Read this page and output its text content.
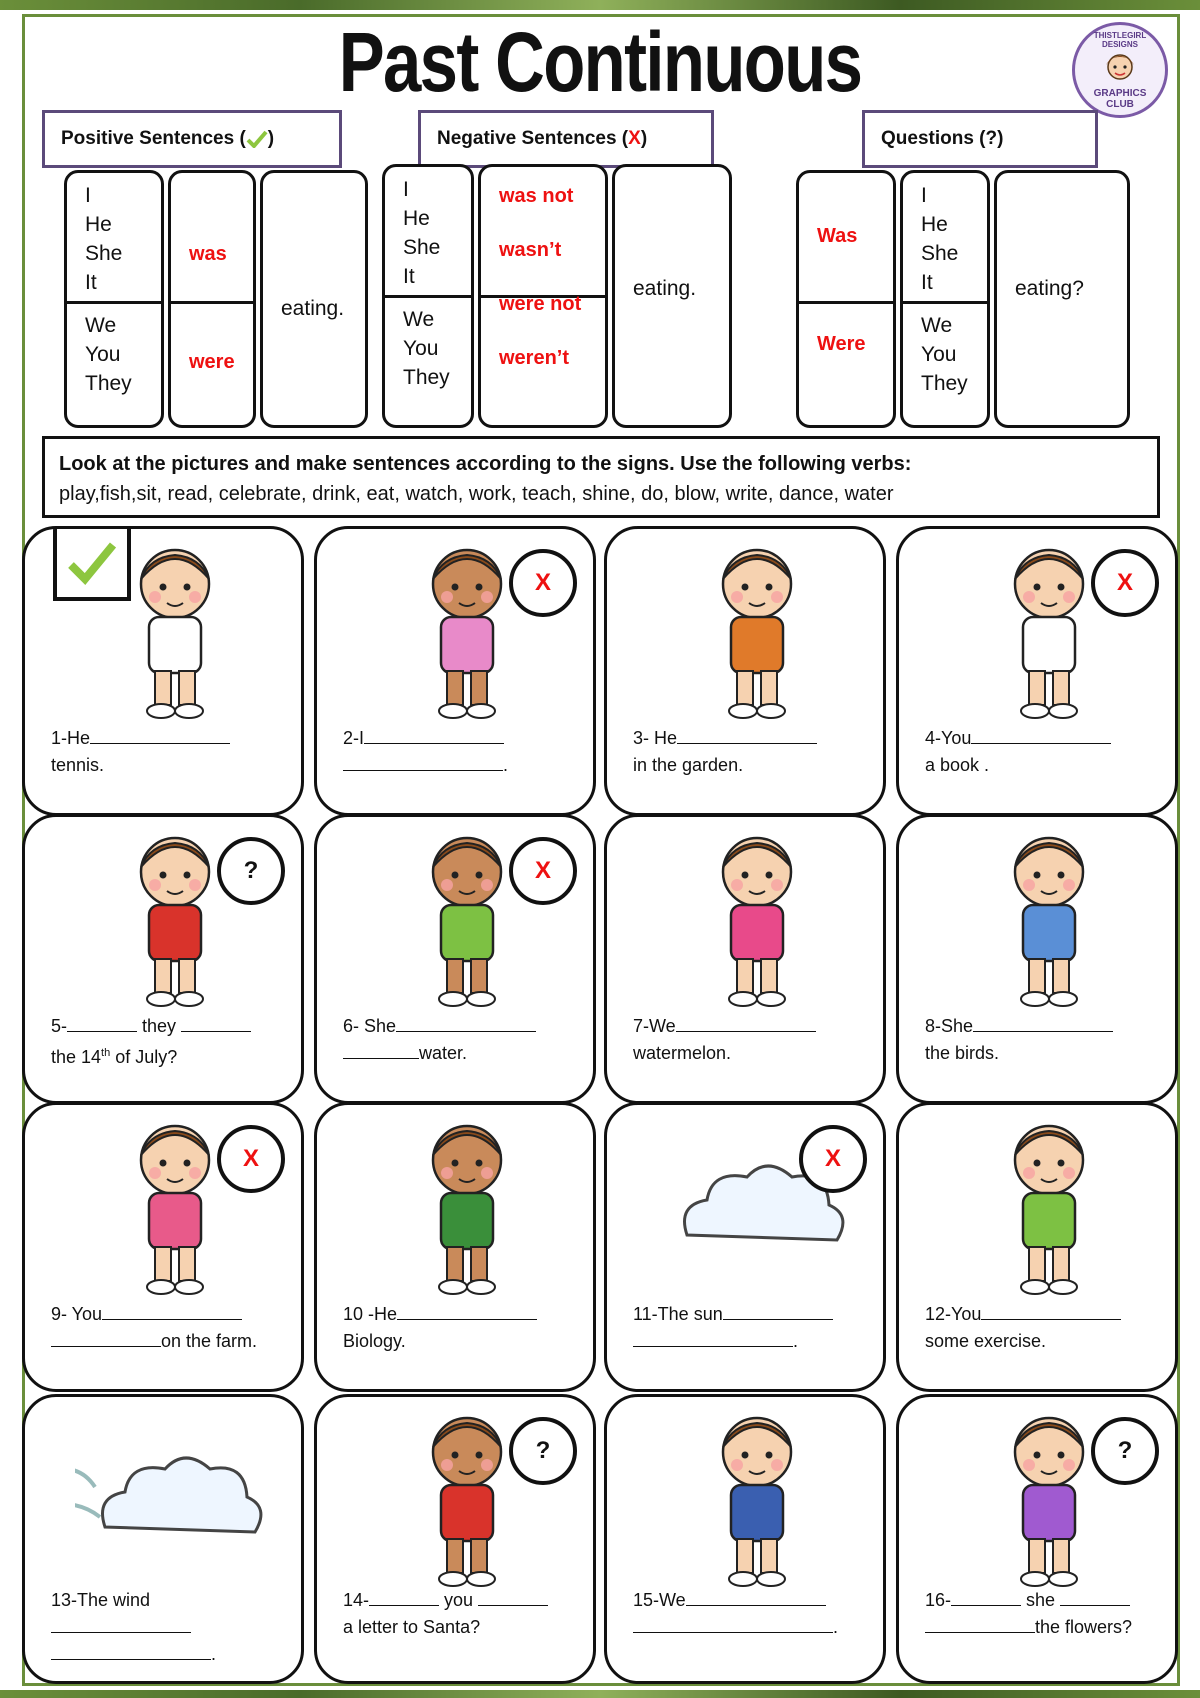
Past Continuous	THISTLEGIRL DESIGNS
GRAPHICS
CLUB
Positive Sentences ( )	Negative Sentences ( X )	Questions (?)
I
He
She
It
We
You
They
was
were
eating.
I
He
She
It
We
You
They
was not
wasn’t
were not
weren’t
eating.
Was
Were
I
He
She
It
We
You
They
eating?
Look at the pictures and make sentences according to the signs. Use the following verbs:
play,fish,sit, read, celebrate, drink, eat, watch, work, teach, shine, do, blow, write, dance, water
1-He
tennis.
X
2-I
.
3- He
in the garden.
X
4-You
a book .
?
5-	they
the 14th of July?
X
6- She
water.
7-We
watermelon.
8-She
the birds.
X
9- You
on the farm.
10 -He
Biology.
X
11-The sun
.
12-You
some exercise.
13-The wind
.
?
14-	you
a letter to Santa?
15-We
.
?
16-	she
the flowers?
